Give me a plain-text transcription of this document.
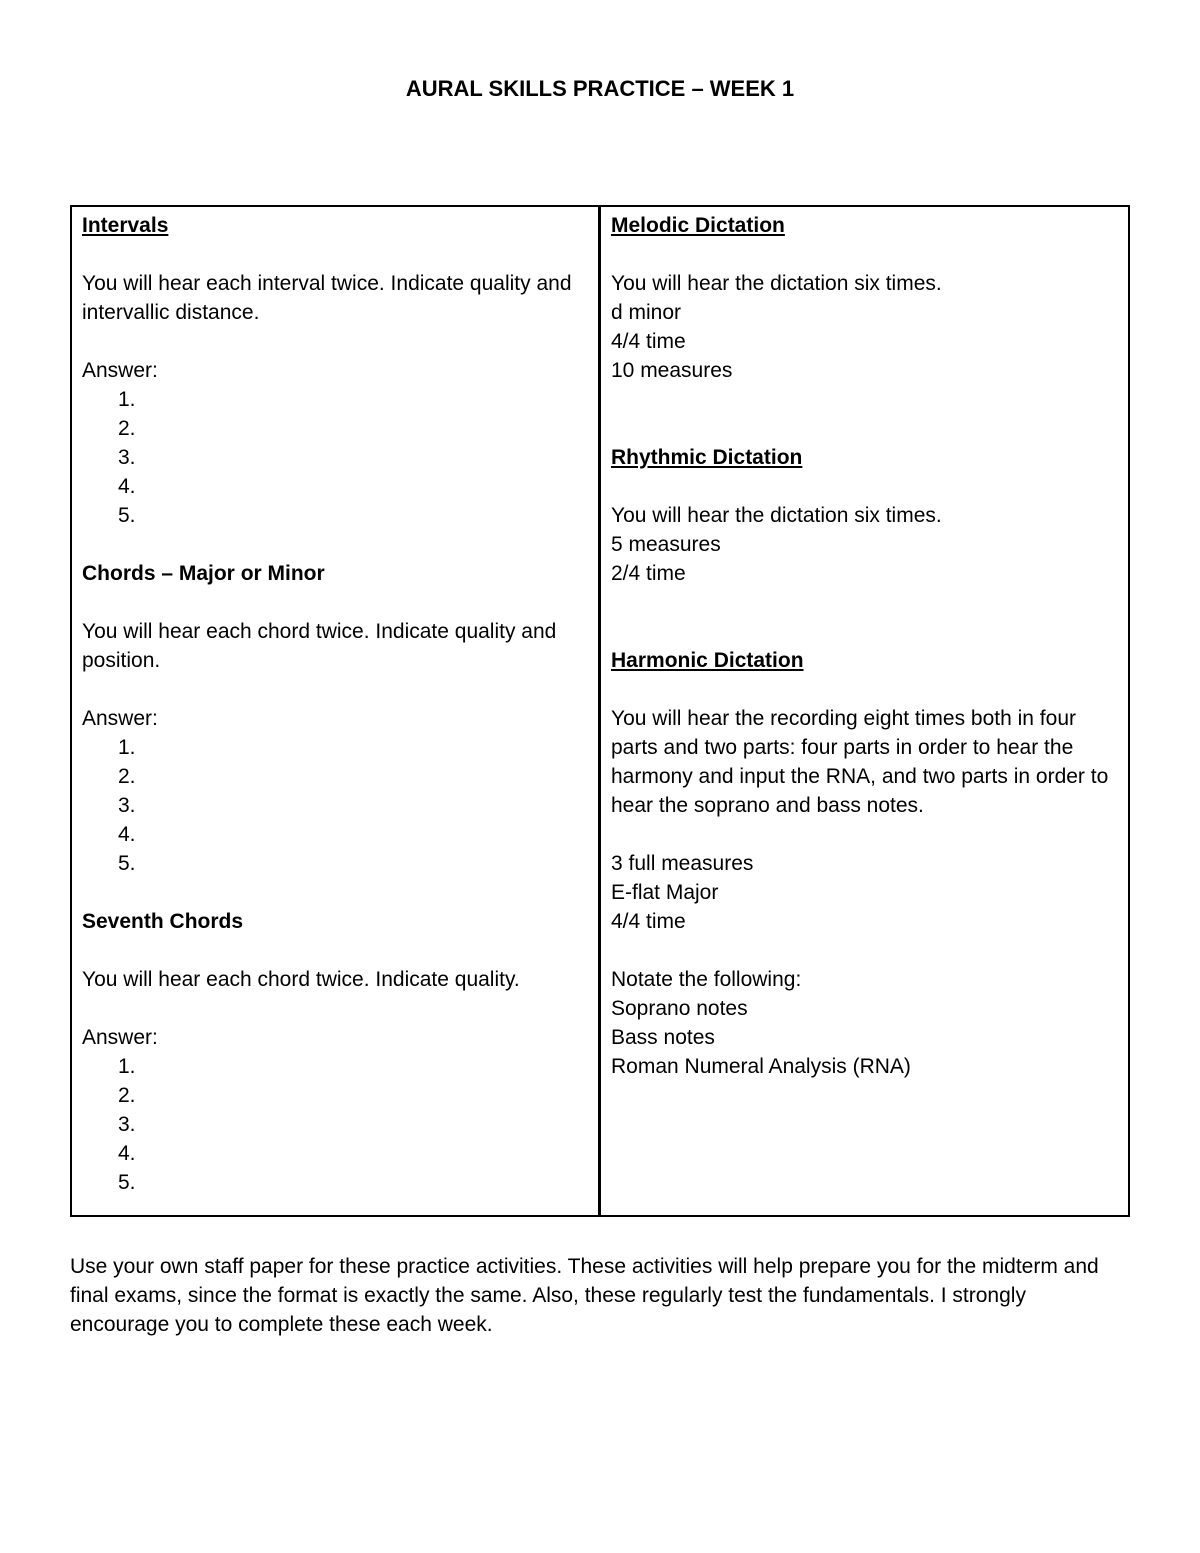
AURAL SKILLS PRACTICE – WEEK 1

Intervals

You will hear each interval twice. Indicate quality and intervallic distance.

Answer:

1.
2.
3.
4.
5.

Chords – Major or Minor

You will hear each chord twice. Indicate quality and position.

Answer:

1.
2.
3.
4.
5.

Seventh Chords

You will hear each chord twice. Indicate quality.

Answer:

1.
2.
3.
4.
5.

Melodic Dictation

You will hear the dictation six times.

d minor

4/4 time

10 measures

Rhythmic Dictation

You will hear the dictation six times.

5 measures

2/4 time

Harmonic Dictation

You will hear the recording eight times both in four parts and two parts: four parts in order to hear the harmony and input the RNA, and two parts in order to hear the soprano and bass notes.

3 full measures

E-flat Major

4/4 time

Notate the following:

Soprano notes

Bass notes

Roman Numeral Analysis (RNA)

Use your own staff paper for these practice activities. These activities will help prepare you for the midterm and final exams, since the format is exactly the same. Also, these regularly test the fundamentals. I strongly encourage you to complete these each week.
